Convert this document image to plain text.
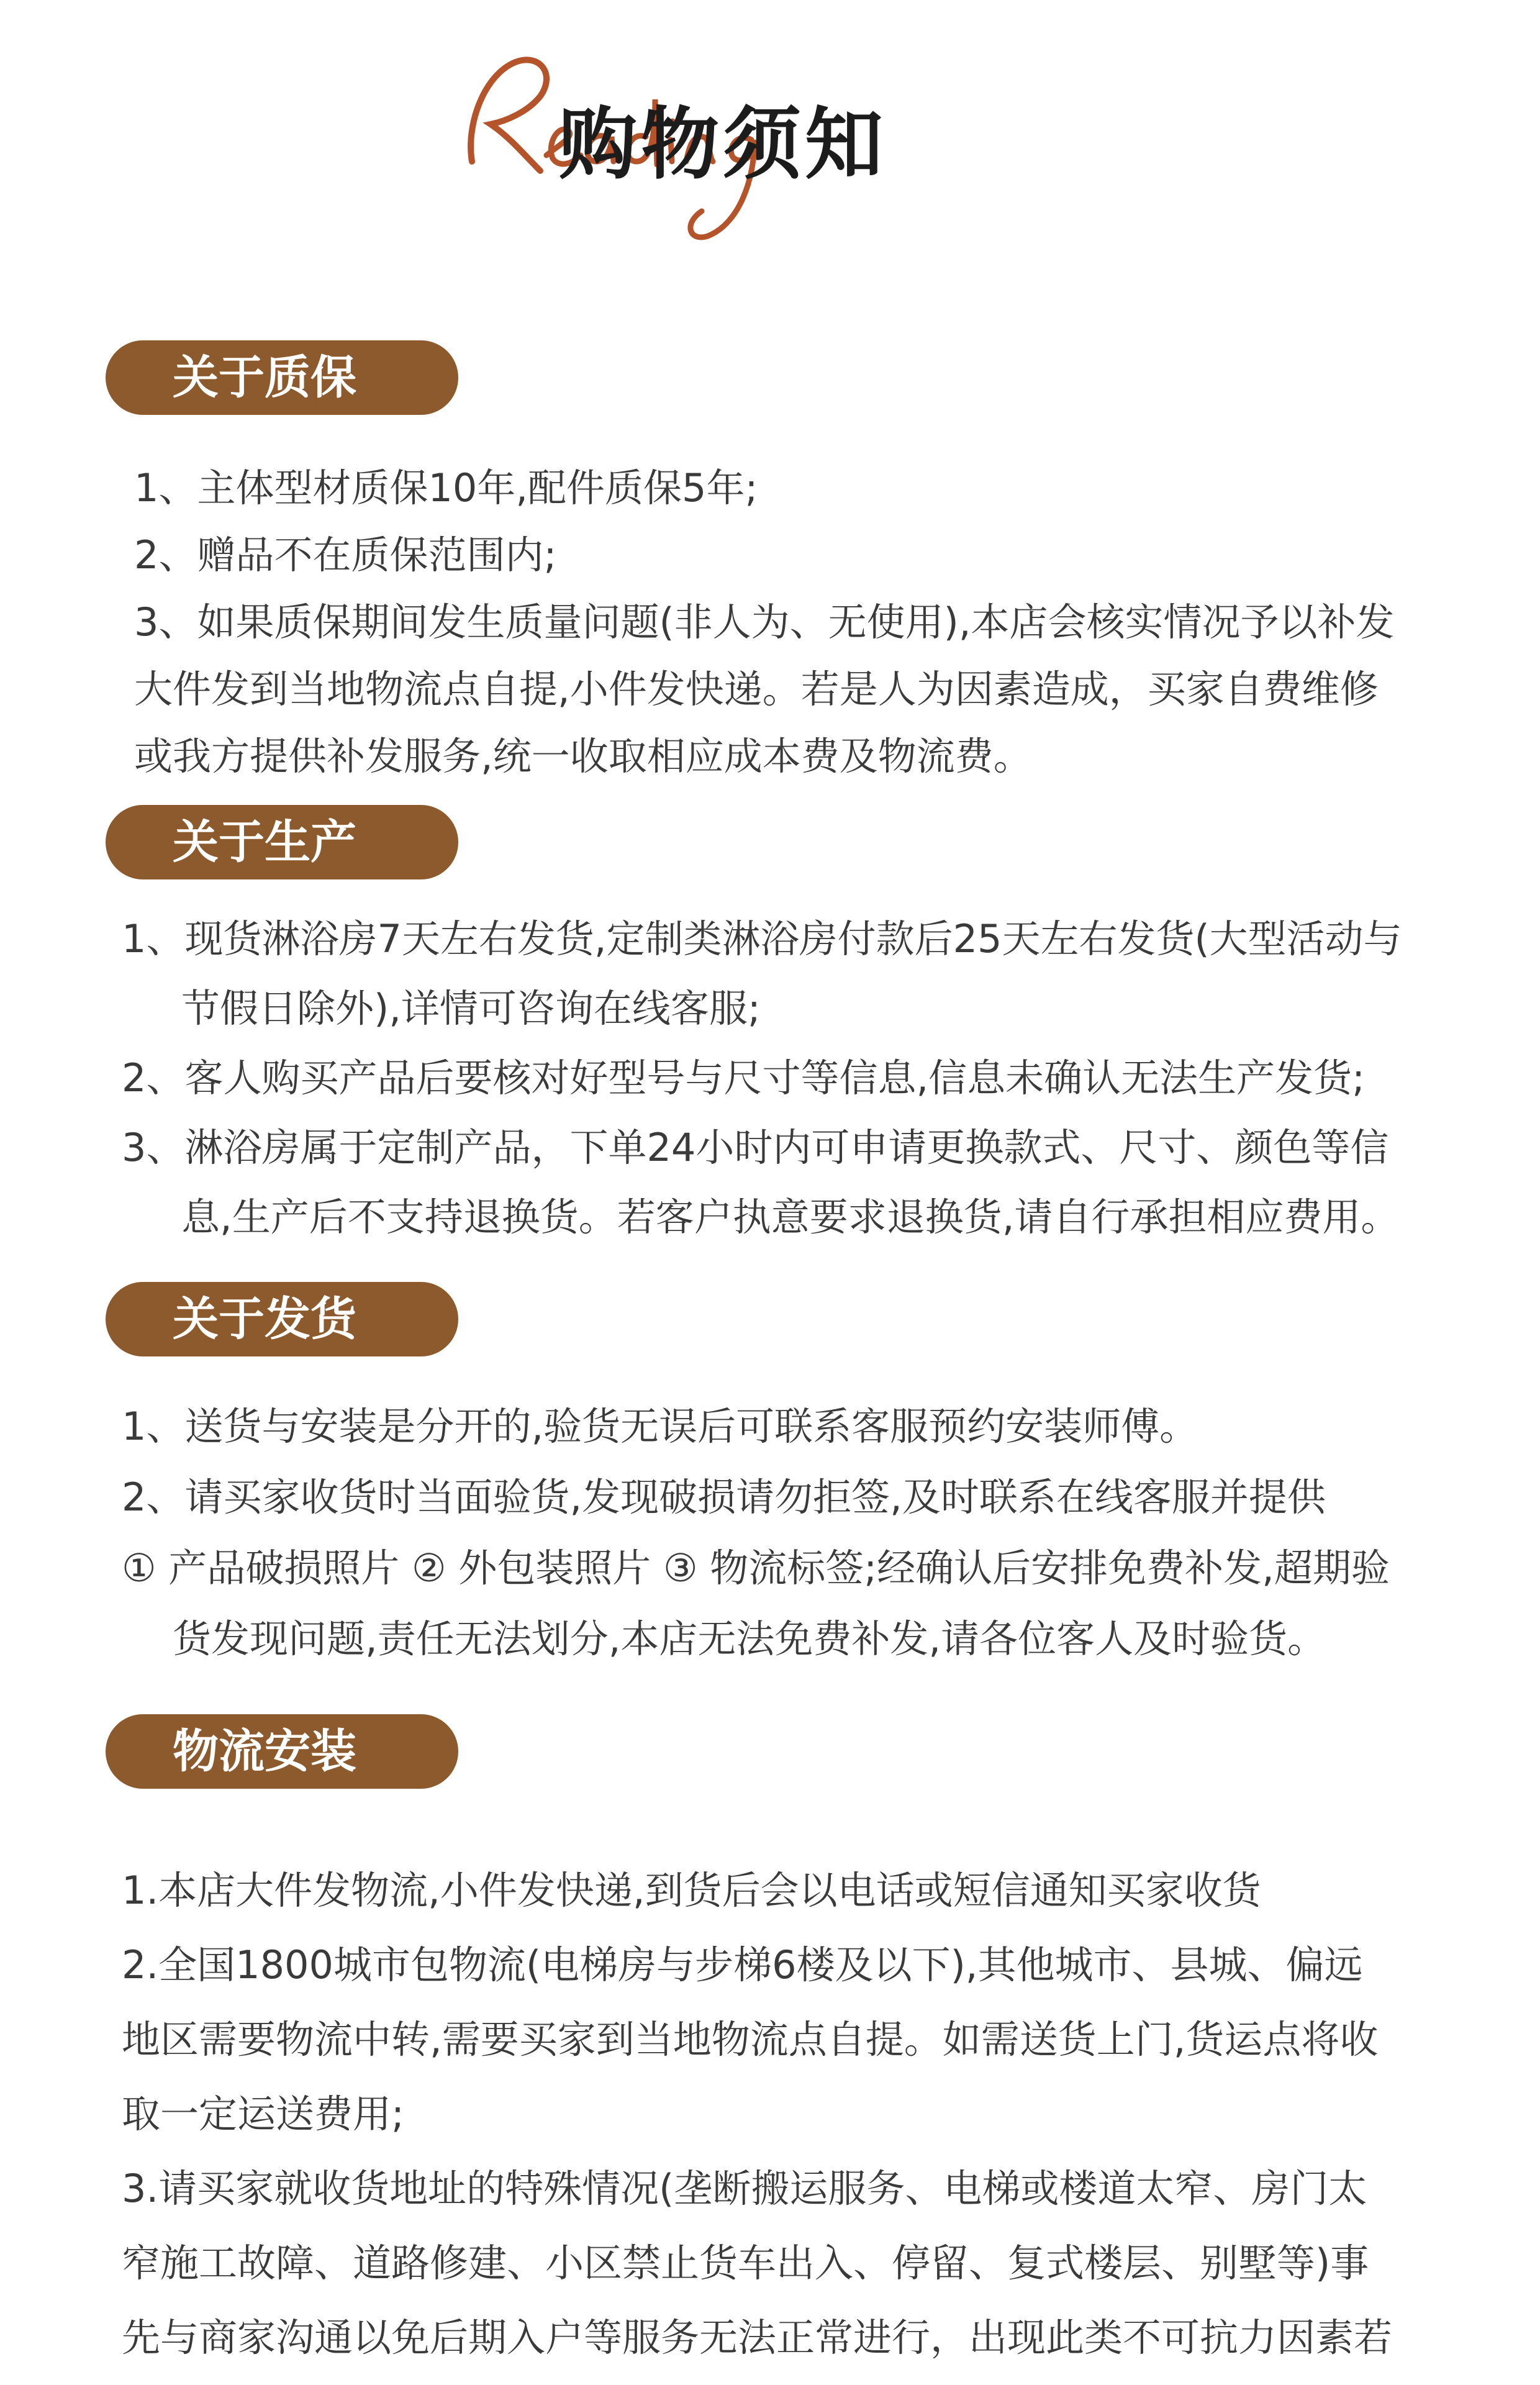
购物须知
关于质保
1、主体型材质保10年,配件质保5年;
2、赠品不在质保范围内;
3、如果质保期间发生质量问题(非人为、无使用),本店会核实情况予以补发
大件发到当地物流点自提,小件发快递。若是人为因素造成，买家自费维修
或我方提供补发服务,统一收取相应成本费及物流费。
关于生产
1、现货淋浴房7天左右发货,定制类淋浴房付款后25天左右发货(大型活动与
节假日除外),详情可咨询在线客服;
2、客人购买产品后要核对好型号与尺寸等信息,信息未确认无法生产发货;
3、淋浴房属于定制产品，下单24小时内可申请更换款式、尺寸、颜色等信
息,生产后不支持退换货。若客户执意要求退换货,请自行承担相应费用。
关于发货
1、送货与安装是分开的,验货无误后可联系客服预约安装师傅。
2、请买家收货时当面验货,发现破损请勿拒签,及时联系在线客服并提供
① 产品破损照片 ② 外包装照片 ③ 物流标签;经确认后安排免费补发,超期验
货发现问题,责任无法划分,本店无法免费补发,请各位客人及时验货。
物流安装
1.本店大件发物流,小件发快递,到货后会以电话或短信通知买家收货
2.全国1800城市包物流(电梯房与步梯6楼及以下),其他城市、县城、偏远
地区需要物流中转,需要买家到当地物流点自提。如需送货上门,货运点将收
取一定运送费用;
3.请买家就收货地址的特殊情况(垄断搬运服务、电梯或楼道太窄、房门太
窄施工故障、道路修建、小区禁止货车出入、停留、复式楼层、别墅等)事
先与商家沟通以免后期入户等服务无法正常进行，出现此类不可抗力因素若
